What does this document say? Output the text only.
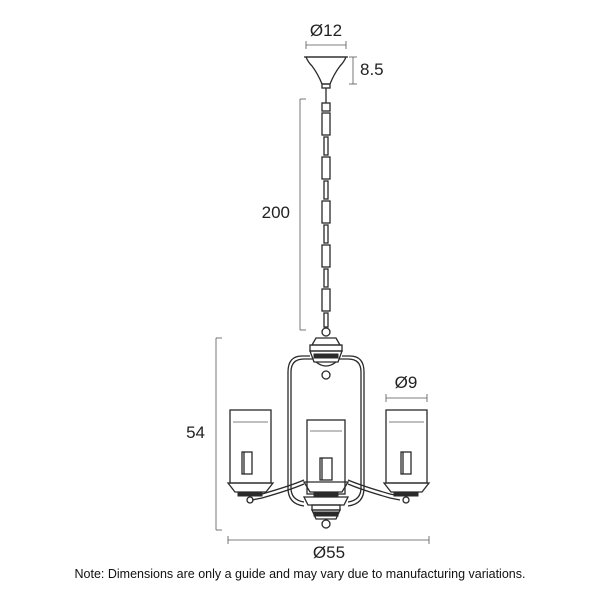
Ø12
8.5
200
Ø9
54
Ø55
Note: Dimensions are only a guide and may vary due to manufacturing variations.
